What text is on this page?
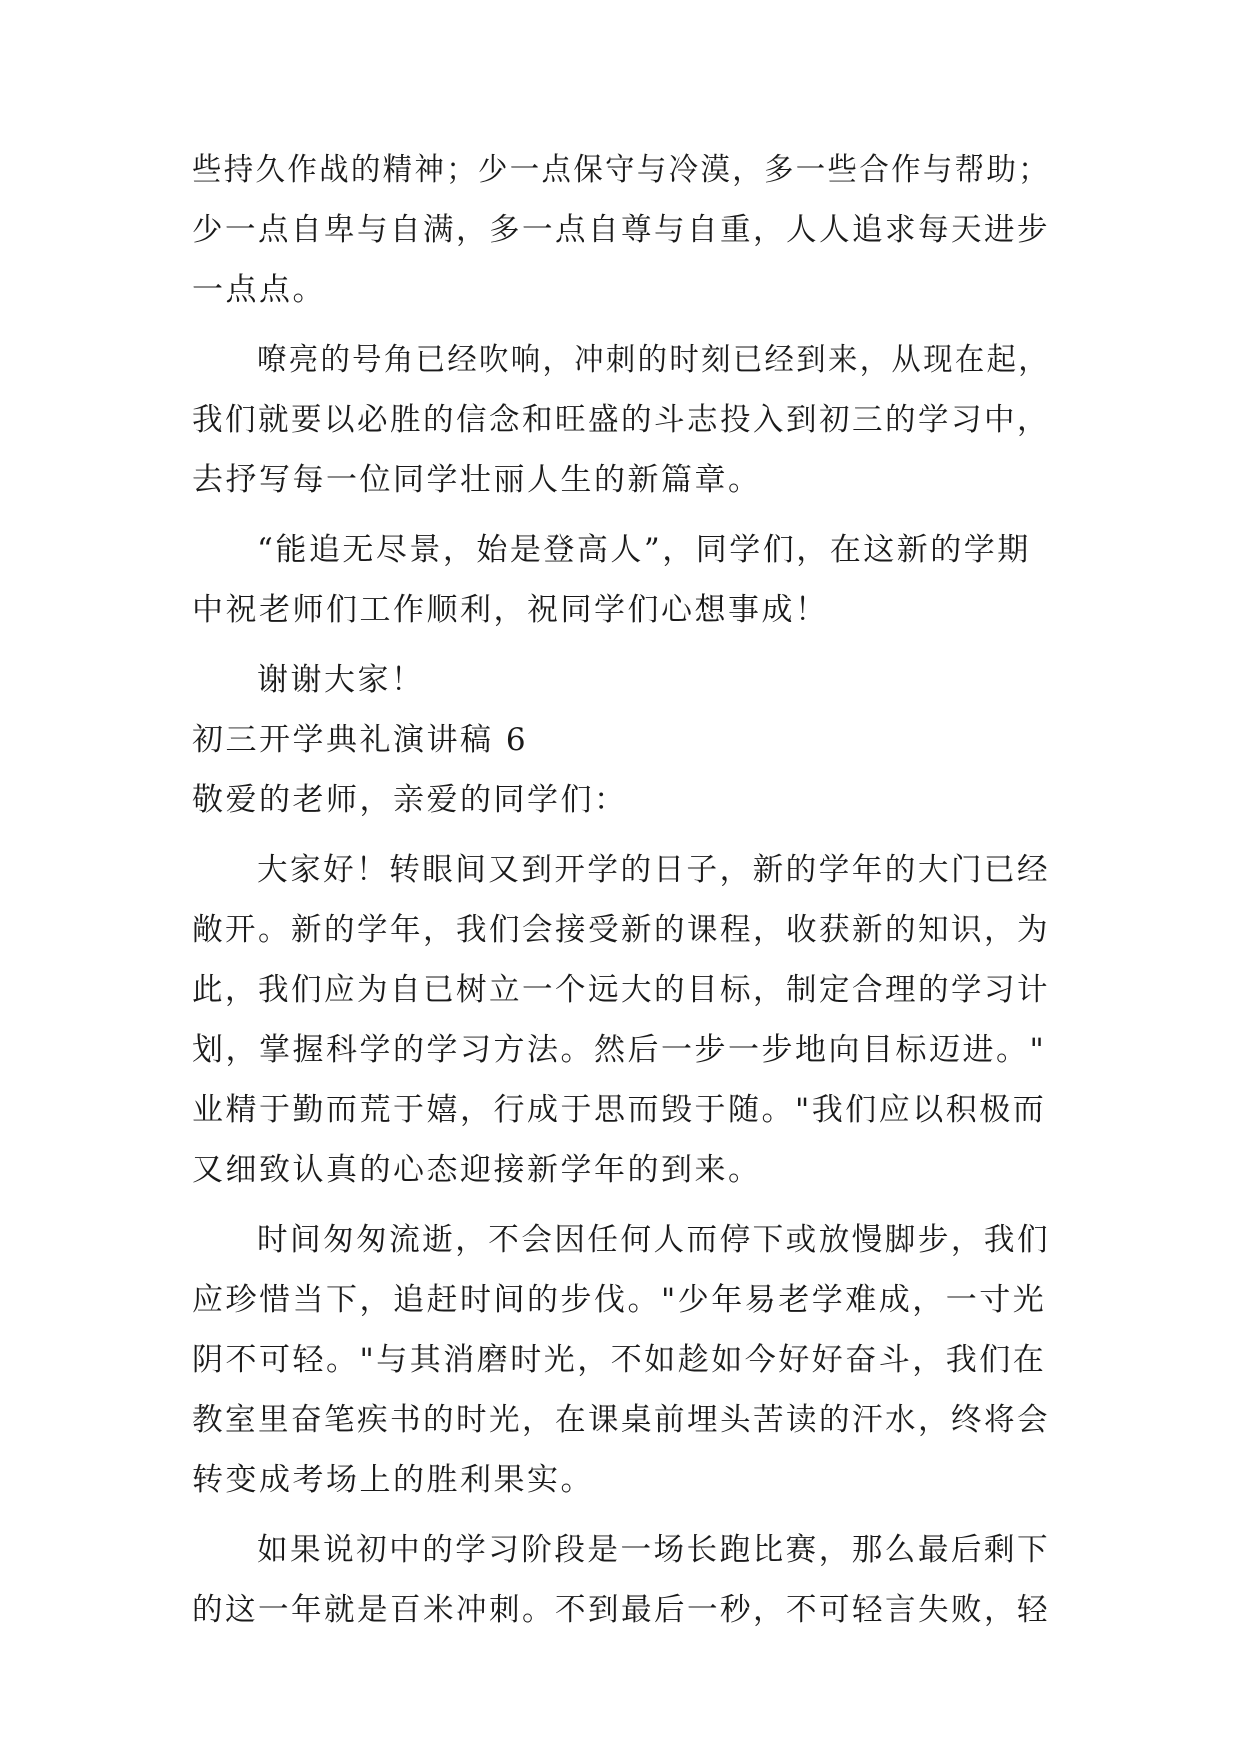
些持久作战的精神；少一点保守与冷漠，多一些合作与帮助；
少一点自卑与自满，多一点自尊与自重，人人追求每天进步
一点点。
嘹亮的号角已经吹响，冲刺的时刻已经到来，从现在起，
我们就要以必胜的信念和旺盛的斗志投入到初三的学习中，
去抒写每一位同学壮丽人生的新篇章。
“能追无尽景，始是登高人”，同学们，在这新的学期
中祝老师们工作顺利，祝同学们心想事成！
谢谢大家！
初三开学典礼演讲稿 6
敬爱的老师，亲爱的同学们：
大家好！转眼间又到开学的日子，新的学年的大门已经
敞开。新的学年，我们会接受新的课程，收获新的知识，为
此，我们应为自已树立一个远大的目标，制定合理的学习计
划，掌握科学的学习方法。然后一步一步地向目标迈进。"
业精于勤而荒于嬉，行成于思而毁于随。"我们应以积极而
又细致认真的心态迎接新学年的到来。
时间匆匆流逝，不会因任何人而停下或放慢脚步，我们
应珍惜当下，追赶时间的步伐。"少年易老学难成，一寸光
阴不可轻。"与其消磨时光，不如趁如今好好奋斗，我们在
教室里奋笔疾书的时光，在课桌前埋头苦读的汗水，终将会
转变成考场上的胜利果实。
如果说初中的学习阶段是一场长跑比赛，那么最后剩下
的这一年就是百米冲刺。不到最后一秒，不可轻言失败，轻
